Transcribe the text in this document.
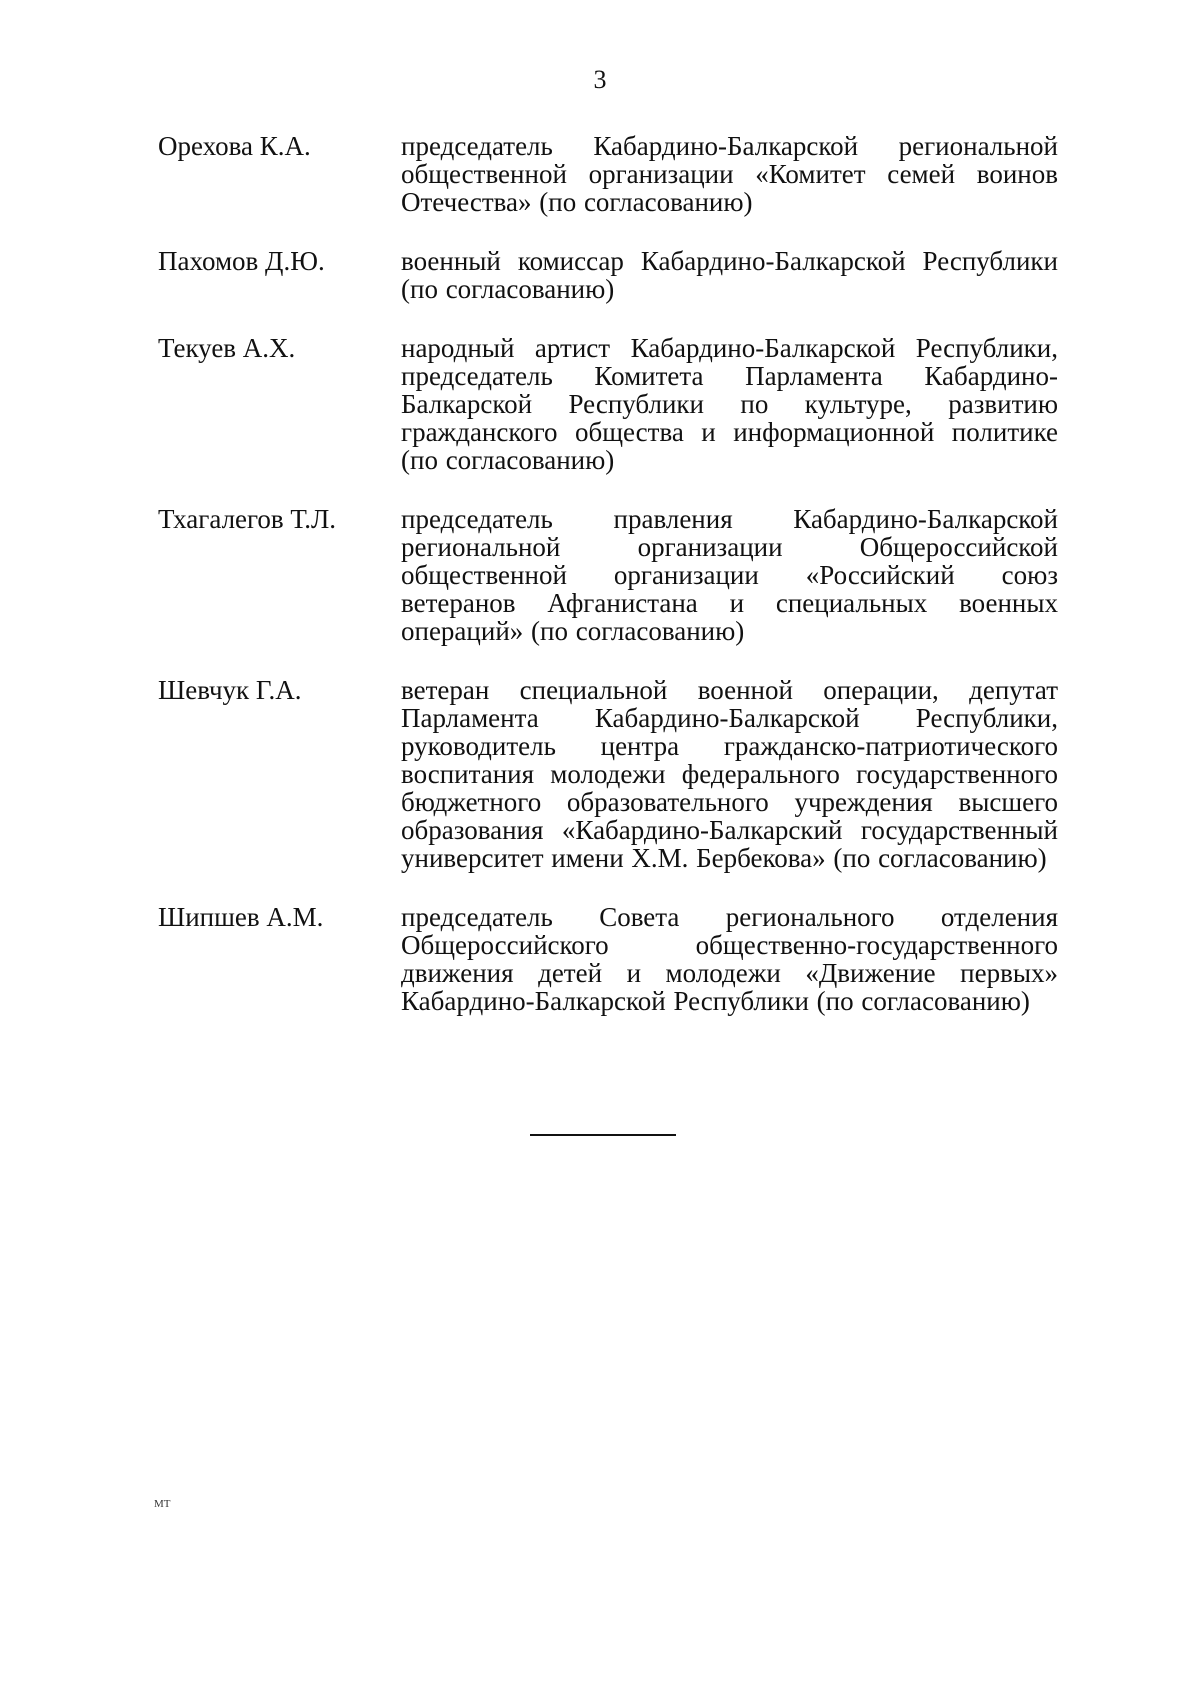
3
Орехова К.А.	председатель Кабардино-Балкарской региональной общественной организации «Комитет семей воинов Отечества» (по согласованию)
Пахомов Д.Ю.	военный комиссар Кабардино-Балкарской Республики (по согласованию)
Текуев А.Х.	народный артист Кабардино-Балкарской Республики, председатель Комитета Парламента Кабардино-Балкарской Республики по культуре, развитию гражданского общества и информационной политике (по согласованию)
Тхагалегов Т.Л.	председатель правления Кабардино-Балкарской региональной организации Общероссийской общественной организации «Российский союз ветеранов Афганистана и специальных военных операций» (по согласованию)
Шевчук Г.А.	ветеран специальной военной операции, депутат Парламента Кабардино-Балкарской Республики, руководитель центра гражданско-патриотического воспитания молодежи федерального государственного бюджетного образовательного учреждения высшего образования «Кабардино-Балкарский государственный университет имени Х.М. Бербекова» (по согласованию)
Шипшев А.М.	председатель Совета регионального отделения Общероссийского общественно-государственного движения детей и молодежи «Движение первых» Кабардино-Балкарской Республики (по согласованию)
МТ
